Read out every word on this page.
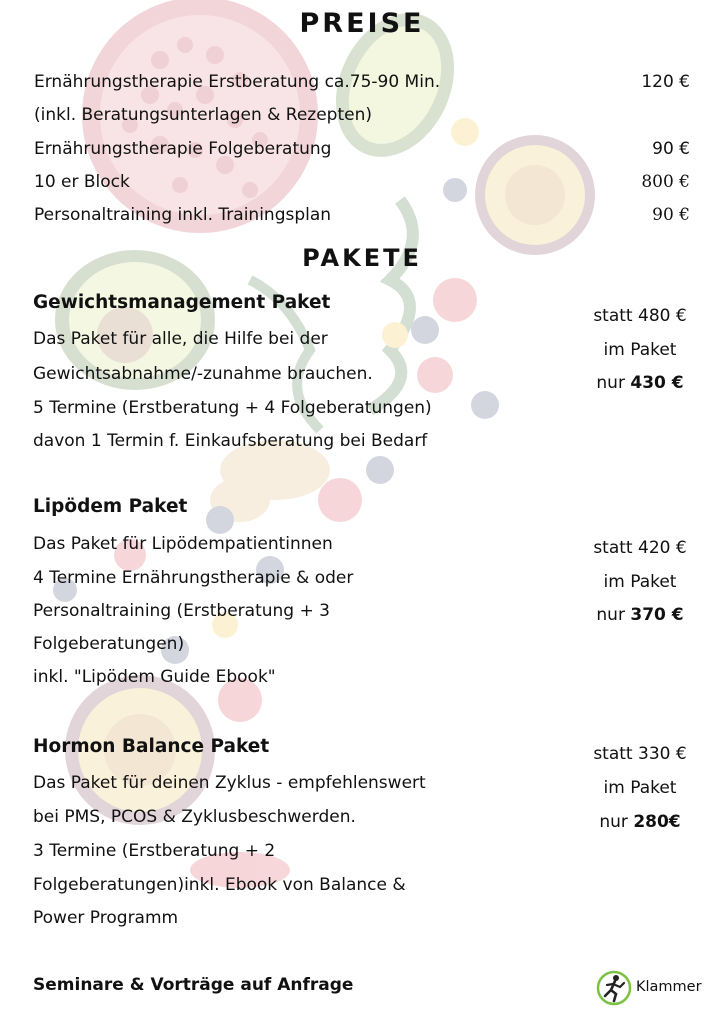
PREISE
Ernährungstherapie Erstberatung ca.75-90 Min.	120 €
(inkl. Beratungsunterlagen & Rezepten)
Ernährungstherapie Folgeberatung	90 €
10 er Block	800 €
Personaltraining inkl. Trainingsplan	90 €
PAKETE
Gewichtsmanagement Paket
Das Paket für alle, die Hilfe bei der
Gewichtsabnahme/-zunahme brauchen.
5 Termine (Erstberatung + 4 Folgeberatungen)
davon 1 Termin f. Einkaufsberatung bei Bedarf
statt 480 €
im Paket
nur 430 €
Lipödem Paket
Das Paket für Lipödempatientinnen
4 Termine Ernährungstherapie & oder
Personaltraining (Erstberatung + 3
Folgeberatungen)
inkl. "Lipödem Guide Ebook"
statt 420 €
im Paket
nur 370 €
Hormon Balance Paket
Das Paket für deinen Zyklus - empfehlenswert
bei PMS, PCOS & Zyklusbeschwerden.
3 Termine (Erstberatung + 2
Folgeberatungen)inkl. Ebook von Balance &
Power Programm
statt 330 €
im Paket
nur 280€
Seminare & Vorträge auf Anfrage	Klammer
